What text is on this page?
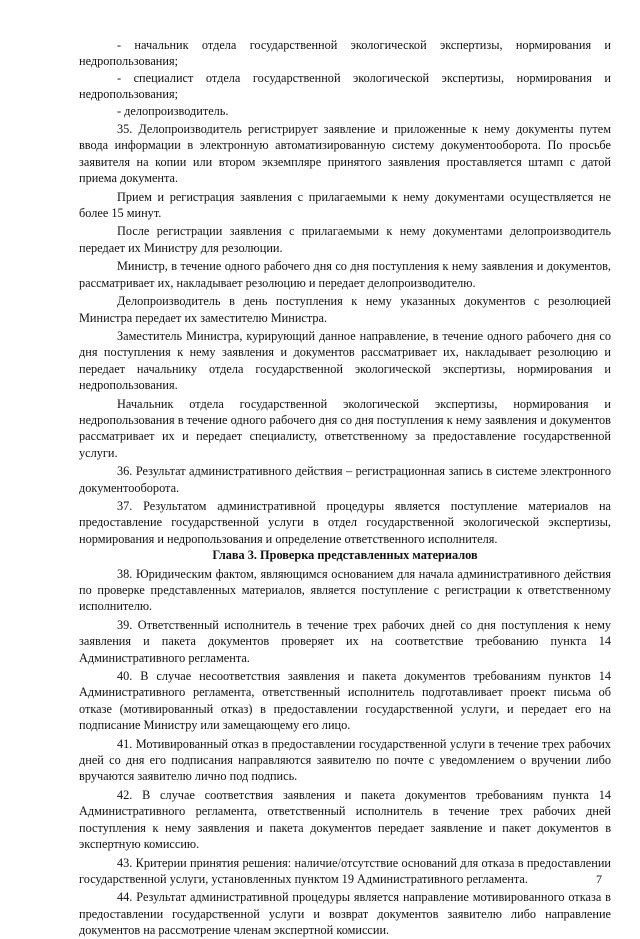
- начальник отдела государственной экологической экспертизы, нормирования и недропользования;

- специалист отдела государственной экологической экспертизы, нормирования и недропользования;

- делопроизводитель.

35. Делопроизводитель регистрирует заявление и приложенные к нему документы путем ввода информации в электронную автоматизированную систему документооборота. По просьбе заявителя на копии или втором экземпляре принятого заявления проставляется штамп с датой приема документа.

Прием и регистрация заявления с прилагаемыми к нему документами осуществляется не более 15 минут.

После регистрации заявления с прилагаемыми к нему документами делопроизводитель передает их Министру для резолюции.

Министр, в течение одного рабочего дня со дня поступления к нему заявления и документов, рассматривает их, накладывает резолюцию и передает делопроизводителю.

Делопроизводитель в день поступления к нему указанных документов с резолюцией Министра передает их заместителю Министра.

Заместитель Министра, курирующий данное направление, в течение одного рабочего дня со дня поступления к нему заявления и документов рассматривает их, накладывает резолюцию и передает начальнику отдела государственной экологической экспертизы, нормирования и недропользования.

Начальник отдела государственной экологической экспертизы, нормирования и недропользования в течение одного рабочего дня со дня поступления к нему заявления и документов рассматривает их и передает специалисту, ответственному за предоставление государственной услуги.

36. Результат административного действия – регистрационная запись в системе электронного документооборота.

37. Результатом административной процедуры является поступление материалов на предоставление государственной услуги в отдел государственной экологической экспертизы, нормирования и недропользования и определение ответственного исполнителя.

Глава 3. Проверка представленных материалов

38. Юридическим фактом, являющимся основанием для начала административного действия по проверке представленных материалов, является поступление с регистрации к ответственному исполнителю.

39. Ответственный исполнитель в течение трех рабочих дней со дня поступления к нему заявления и пакета документов проверяет их на соответствие требованию пункта 14 Административного регламента.

40. В случае несоответствия заявления и пакета документов требованиям пунктов 14 Административного регламента, ответственный исполнитель подготавливает проект письма об отказе (мотивированный отказ) в предоставлении государственной услуги, и передает его на подписание Министру или замещающему его лицо.

41. Мотивированный отказ в предоставлении государственной услуги в течение трех рабочих дней со дня его подписания направляются заявителю по почте с уведомлением о вручении либо вручаются заявителю лично под подпись.

42. В случае соответствия заявления и пакета документов требованиям пункта 14 Административного регламента, ответственный исполнитель в течение трех рабочих дней поступления к нему заявления и пакета документов передает заявление и пакет документов в экспертную комиссию.

43. Критерии принятия решения: наличие/отсутствие оснований для отказа в предоставлении государственной услуги, установленных пунктом 19 Административного регламента.

44. Результат административной процедуры является направление мотивированного отказа в предоставлении государственной услуги и возврат документов заявителю либо направление документов на рассмотрение членам экспертной комиссии.

7
